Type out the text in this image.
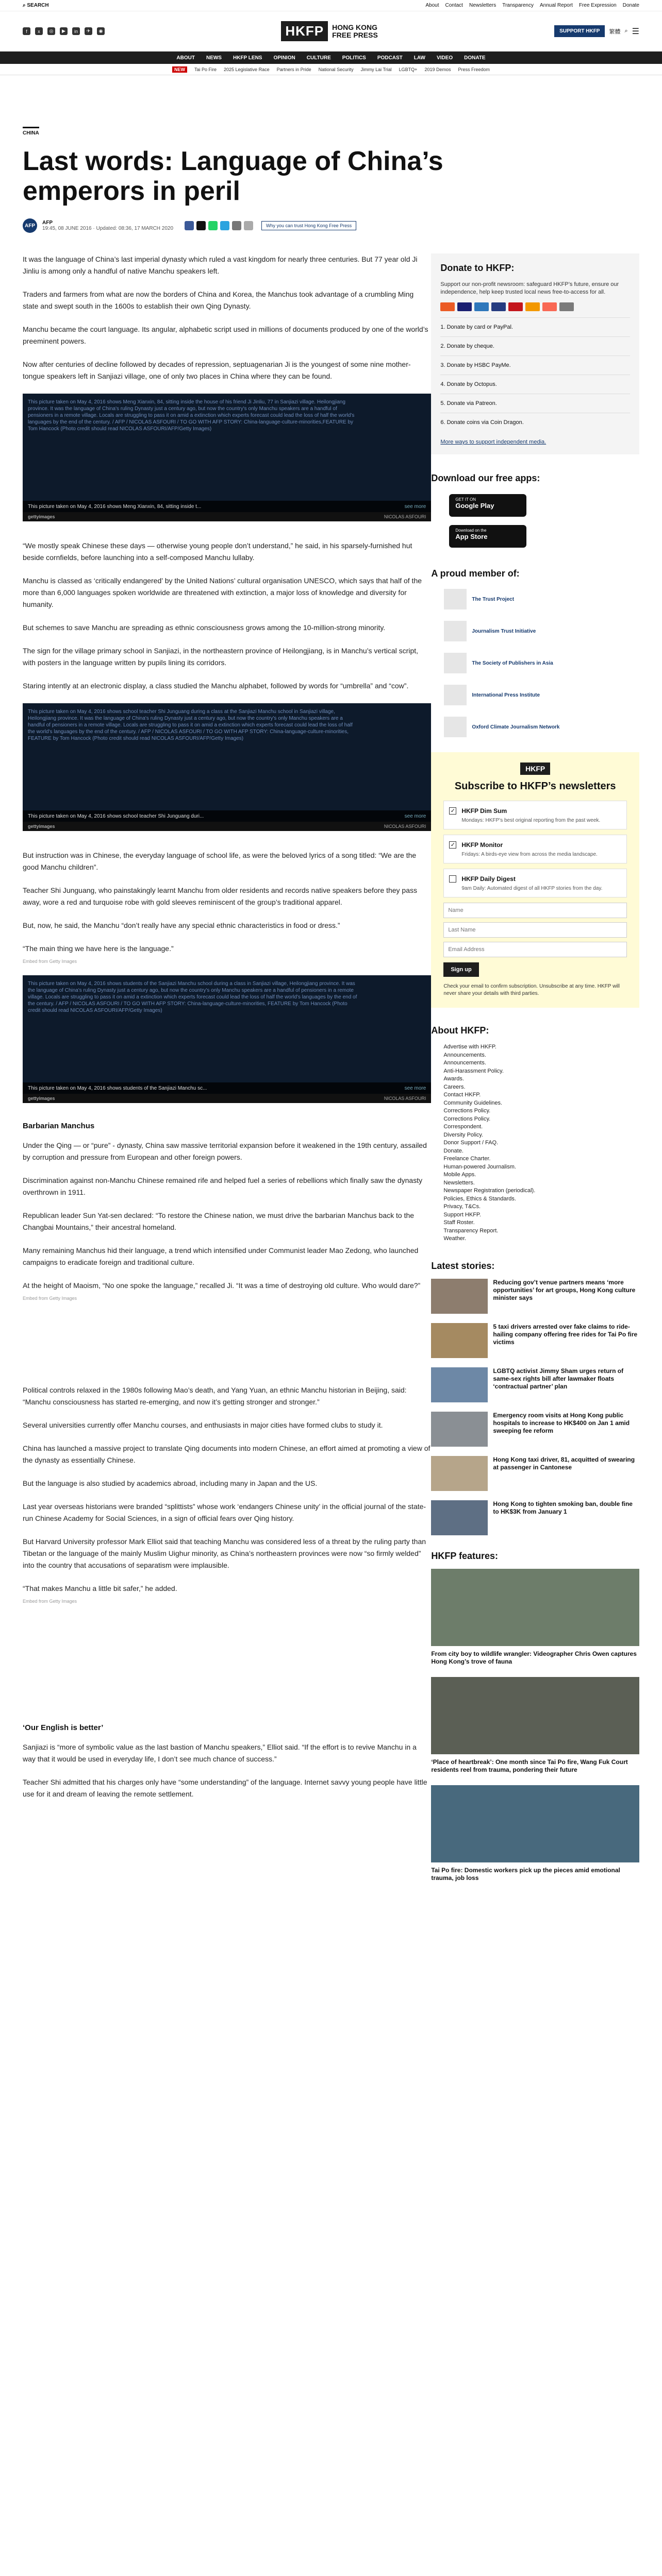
⌕ SEARCH	About Contact Newsletters Transparency Annual Report Free Expression Donate
f	x	◎	▶	in	✈	◉	HKFP	HONG KONG
FREE PRESS	SUPPORT HKFP	繁體 ⌕ ☰
ABOUT NEWS HKFP LENS OPINION CULTURE POLITICS PODCAST LAW VIDEO DONATE
NEW	Tai Po Fire 2025 Legislative Race Partners in Pride National Security Jimmy Lai Trial LGBTQ+ 2019 Demos Press Freedom
CHINA
Last words: Language of China’s emperors in peril
AFP	AFP
19:45, 08 JUNE 2016 · Updated: 08:36, 17 MARCH 2020	Why you can trust Hong Kong Free Press

It was the language of China’s last imperial dynasty which ruled a vast kingdom for nearly three centuries. But 77 year old Ji Jinliu is among only a handful of native Manchu speakers left.

Traders and farmers from what are now the borders of China and Korea, the Manchus took advantage of a crumbling Ming state and swept south in the 1600s to establish their own Qing Dynasty.

Manchu became the court language. Its angular, alphabetic script used in millions of documents produced by one of the world’s preeminent powers.

Now after centuries of decline followed by decades of repression, septuagenarian Ji is the youngest of some nine mother-tongue speakers left in Sanjiazi village, one of only two places in China where they can be found.

This picture taken on May 4, 2016 shows Meng Xianxin, 84, sitting inside the house of his friend Ji Jinliu, 77 in Sanjiazi village. Heilongjiang province. It was the language of China's ruling Dynasty just a century ago, but now the country's only Manchu speakers are a handful of pensioners in a remote village. Locals are struggling to pass it on amid a extinction which experts forecast could lead the loss of half the world's languages by the end of the century. / AFP / NICOLAS ASFOURI / TO GO WITH AFP STORY: China-language-culture-minorities,FEATURE by Tom Hancock (Photo credit should read NICOLAS ASFOURI/AFP/Getty Images)
This picture taken on May 4, 2016 shows Meng Xianxin, 84, sitting inside t...	see more
gettyimages	NICOLAS ASFOURI

“We mostly speak Chinese these days — otherwise young people don’t understand,” he said, in his sparsely-furnished hut beside cornfields, before launching into a self-composed Manchu lullaby.

Manchu is classed as ‘critically endangered’ by the United Nations’ cultural organisation UNESCO, which says that half of the more than 6,000 languages spoken worldwide are threatened with extinction, a major loss of knowledge and diversity for humanity.

But schemes to save Manchu are spreading as ethnic consciousness grows among the 10-million-strong minority.

The sign for the village primary school in Sanjiazi, in the northeastern province of Heilongjiang, is in Manchu’s vertical script, with posters in the language written by pupils lining its corridors.

Staring intently at an electronic display, a class studied the Manchu alphabet, followed by words for “umbrella” and “cow”.

This picture taken on May 4, 2016 shows school teacher Shi Junguang during a class at the Sanjiazi Manchu school in Sanjiazi village, Heilongjiang province. It was the language of China's ruling Dynasty just a century ago, but now the country's only Manchu speakers are a handful of pensioners in a remote village. Locals are struggling to pass it on amid a extinction which experts forecast could lead the loss of half the world's languages by the end of the century. / AFP / NICOLAS ASFOURI / TO GO WITH AFP STORY: China-language-culture-minorities, FEATURE by Tom Hancock (Photo credit should read NICOLAS ASFOURI/AFP/Getty Images)
This picture taken on May 4, 2016 shows school teacher Shi Junguang duri...	see more
gettyimages	NICOLAS ASFOURI

But instruction was in Chinese, the everyday language of school life, as were the beloved lyrics of a song titled: “We are the good Manchu children”.

Teacher Shi Junguang, who painstakingly learnt Manchu from older residents and records native speakers before they pass away, wore a red and turquoise robe with gold sleeves reminiscent of the group’s traditional apparel.

But, now, he said, the Manchu “don’t really have any special ethnic characteristics in food or dress.”

“The main thing we have here is the language.”

Embed from Getty Images
This picture taken on May 4, 2016 shows students of the Sanjiazi Manchu school during a class in Sanjiazi village, Heilongjiang province. It was the language of China's ruling Dynasty just a century ago, but now the country's only Manchu speakers are a handful of pensioners in a remote village. Locals are struggling to pass it on amid a extinction which experts forecast could lead the loss of half the world's languages by the end of the century. / AFP / NICOLAS ASFOURI / TO GO WITH AFP STORY: China-language-culture-minorities, FEATURE by Tom Hancock (Photo credit should read NICOLAS ASFOURI/AFP/Getty Images)
This picture taken on May 4, 2016 shows students of the Sanjiazi Manchu sc...	see more
gettyimages	NICOLAS ASFOURI
Barbarian Manchus

Under the Qing — or “pure” - dynasty, China saw massive territorial expansion before it weakened in the 19th century, assailed by corruption and pressure from European and other foreign powers.

Discrimination against non-Manchu Chinese remained rife and helped fuel a series of rebellions which finally saw the dynasty overthrown in 1911.

Republican leader Sun Yat-sen declared: “To restore the Chinese nation, we must drive the barbarian Manchus back to the Changbai Mountains,” their ancestral homeland.

Many remaining Manchus hid their language, a trend which intensified under Communist leader Mao Zedong, who launched campaigns to eradicate foreign and traditional culture.

At the height of Maoism, “No one spoke the language,” recalled Ji. “It was a time of destroying old culture. Who would dare?”

Embed from Getty Images

Political controls relaxed in the 1980s following Mao’s death, and Yang Yuan, an ethnic Manchu historian in Beijing, said: “Manchu consciousness has started re-emerging, and now it’s getting stronger and stronger.”

Several universities currently offer Manchu courses, and enthusiasts in major cities have formed clubs to study it.

China has launched a massive project to translate Qing documents into modern Chinese, an effort aimed at promoting a view of the dynasty as essentially Chinese.

But the language is also studied by academics abroad, including many in Japan and the US.

Last year overseas historians were branded “splittists” whose work ‘endangers Chinese unity’ in the official journal of the state-run Chinese Academy for Social Sciences, in a sign of official fears over Qing history.

But Harvard University professor Mark Elliot said that teaching Manchu was considered less of a threat by the ruling party than Tibetan or the language of the mainly Muslim Uighur minority, as China’s northeastern provinces were now “so firmly welded” into the country that accusations of separatism were implausible.

“That makes Manchu a little bit safer,” he added.

Embed from Getty Images
‘Our English is better’

Sanjiazi is “more of symbolic value as the last bastion of Manchu speakers,” Elliot said. “If the effort is to revive Manchu in a way that it would be used in everyday life, I don’t see much chance of success.”

Teacher Shi admitted that his charges only have “some understanding” of the language. Internet savvy young people have little use for it and dream of leaving the remote settlement.

Donate to HKFP:

Support our non-profit newsroom: safeguard HKFP’s future, ensure our independence, help keep trusted local news free-to-access for all.

1. Donate by card or PayPal.
2. Donate by cheque.
3. Donate by HSBC PayMe.
4. Donate by Octopus.
5. Donate via Patreon.
6. Donate coins via Coin Dragon.
More ways to support independent media.
Download our free apps:
GET IT ON
Google Play

Download on the
App Store
A proud member of:
The Trust Project
Journalism Trust Initiative
The Society of Publishers in Asia
International Press Institute
Oxford Climate Journalism Network
HKFP
Subscribe to HKFP’s newsletters
✓ HKFP Dim Sum
Mondays: HKFP’s best original reporting from the past week.
✓ HKFP Monitor
Fridays: A birds-eye view from across the media landscape.
HKFP Daily Digest
9am Daily: Automated digest of all HKFP stories from the day.
Name
Last Name
Email Address
Sign up

Check your email to confirm subscription. Unsubscribe at any time. HKFP will never share your details with third parties.

About HKFP:
Advertise with HKFP.
Announcements.
Announcements.
Anti-Harassment Policy.
Awards.
Careers.
Contact HKFP.
Community Guidelines.
Corrections Policy.
Corrections Policy.
Correspondent.
Diversity Policy.
Donor Support / FAQ.
Donate.
Freelance Charter.
Human-powered Journalism.
Mobile Apps.
Newsletters.
Newspaper Registration (periodical).
Policies, Ethics & Standards.
Privacy, T&Cs.
Support HKFP.
Staff Roster.
Transparency Report.
Weather.
Latest stories:
Reducing gov’t venue partners means ‘more opportunities’ for art groups, Hong Kong culture minister says
5 taxi drivers arrested over fake claims to ride-hailing company offering free rides for Tai Po fire victims
LGBTQ activist Jimmy Sham urges return of same-sex rights bill after lawmaker floats ‘contractual partner’ plan
Emergency room visits at Hong Kong public hospitals to increase to HK$400 on Jan 1 amid sweeping fee reform
Hong Kong taxi driver, 81, acquitted of swearing at passenger in Cantonese
Hong Kong to tighten smoking ban, double fine to HK$3K from January 1
HKFP features:
From city boy to wildlife wrangler: Videographer Chris Owen captures Hong Kong’s trove of fauna
‘Place of heartbreak’: One month since Tai Po fire, Wang Fuk Court residents reel from trauma, pondering their future
Tai Po fire: Domestic workers pick up the pieces amid emotional trauma, job loss
